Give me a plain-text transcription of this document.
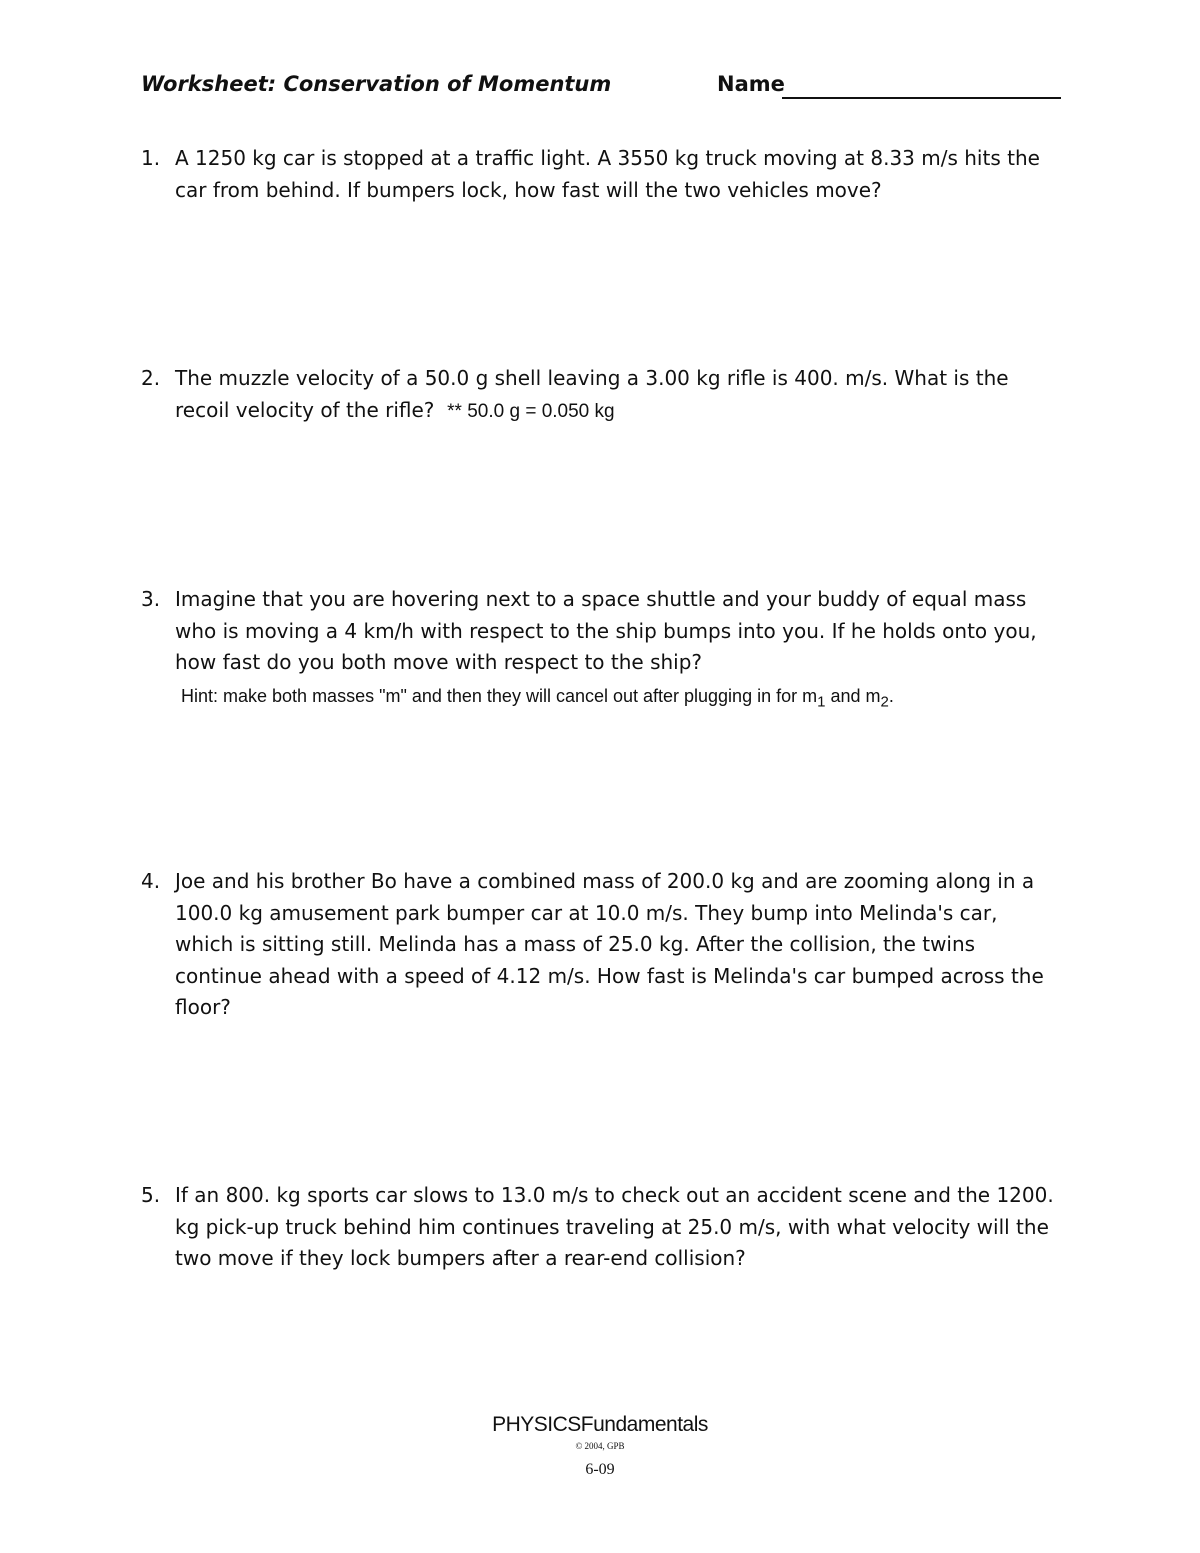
Worksheet: Conservation of Momentum	Name
1. A 1250 kg car is stopped at a traffic light. A 3550 kg truck moving at 8.33 m/s hits the car from behind. If bumpers lock, how fast will the two vehicles move?
2. The muzzle velocity of a 50.0 g shell leaving a 3.00 kg rifle is 400. m/s. What is the recoil velocity of the rifle? ** 50.0 g = 0.050 kg
3. Imagine that you are hovering next to a space shuttle and your buddy of equal mass who is moving a 4 km/h with respect to the ship bumps into you. If he holds onto you, how fast do you both move with respect to the ship?
Hint: make both masses "m" and then they will cancel out after plugging in for $m_1$ and $m_2$.
4. Joe and his brother Bo have a combined mass of 200.0 kg and are zooming along in a 100.0 kg amusement park bumper car at 10.0 m/s. They bump into Melinda's car, which is sitting still. Melinda has a mass of 25.0 kg. After the collision, the twins continue ahead with a speed of 4.12 m/s. How fast is Melinda's car bumped across the floor?
5. If an 800. kg sports car slows to 13.0 m/s to check out an accident scene and the 1200. kg pick-up truck behind him continues traveling at 25.0 m/s, with what velocity will the two move if they lock bumpers after a rear-end collision?
PHYSICSFundamentals
© 2004, GPB
6-09
